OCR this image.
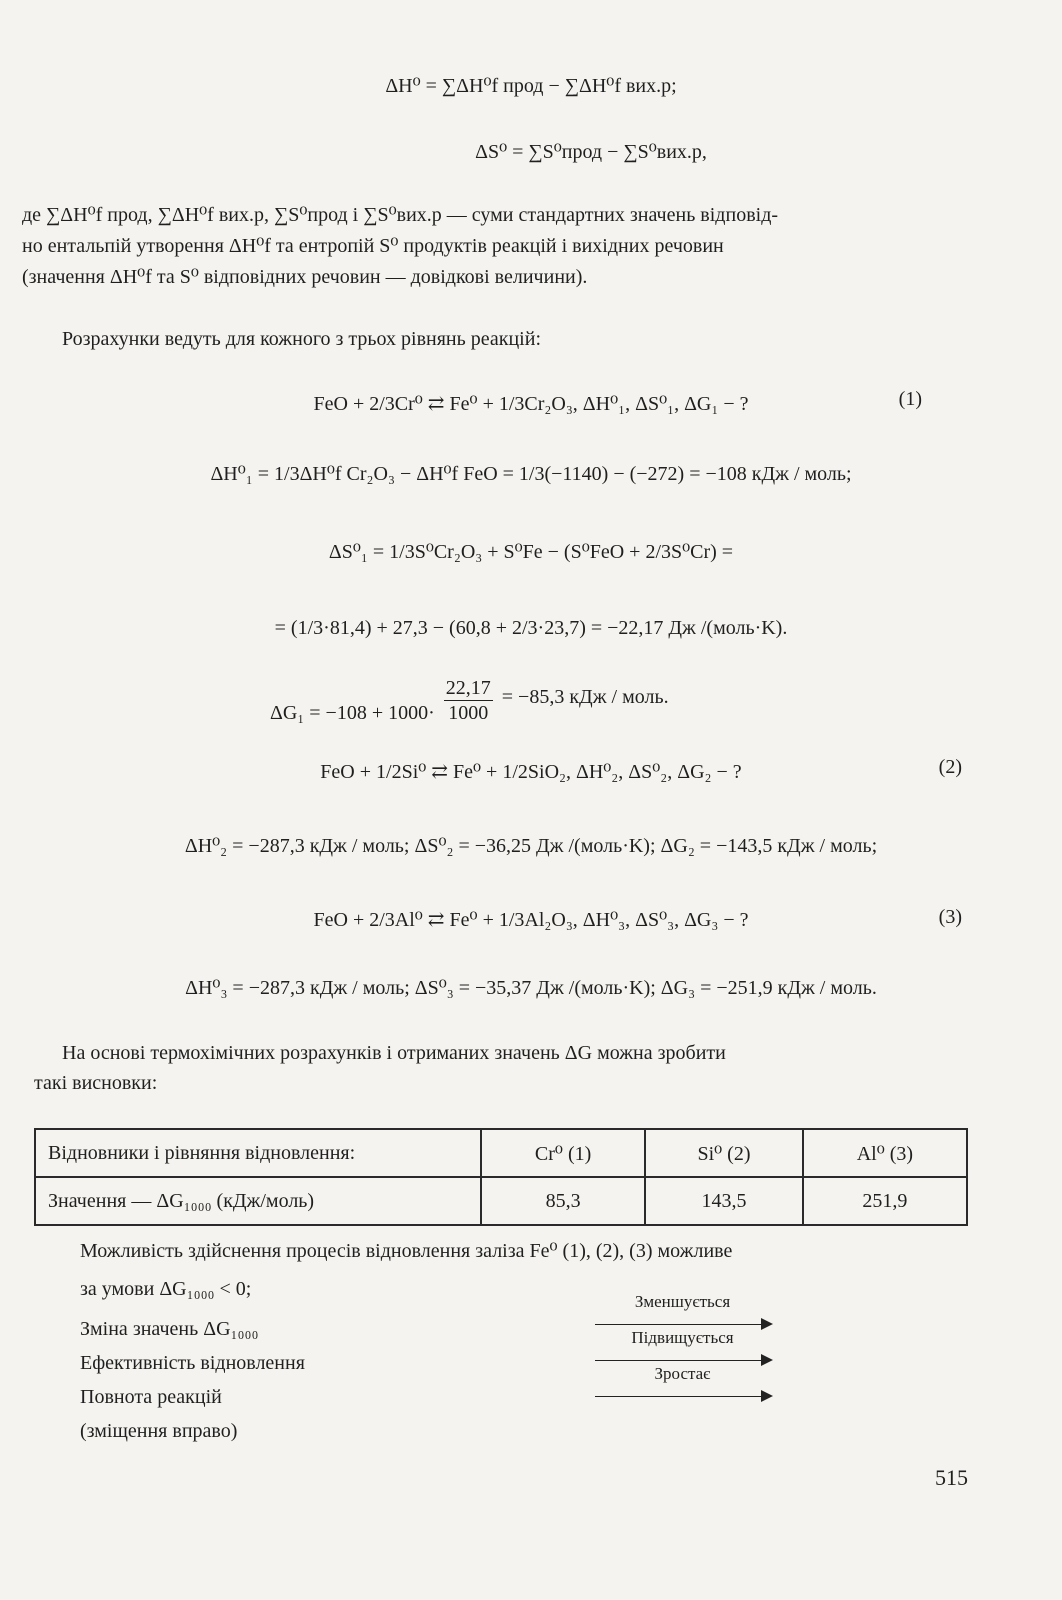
ΔH⁰ = ∑ΔH⁰f прод − ∑ΔH⁰f вих.р;
ΔS⁰ = ∑S⁰прод − ∑S⁰вих.р,
де ∑ΔH⁰f прод, ∑ΔH⁰f вих.р, ∑S⁰прод і ∑S⁰вих.р — суми стандартних значень відповід-
но ентальпій утворення ΔH⁰f та ентропій S⁰ продуктів реакцій і вихідних речовин
(значення ΔH⁰f та S⁰ відповідних речовин — довідкові величини).
Розрахунки ведуть для кожного з трьох рівнянь реакцій:
FeO + 2/3Cr⁰ ⇄ Fe⁰ + 1/3Cr₂O₃, ΔH⁰₁, ΔS⁰₁, ΔG₁ − ?	(1)
ΔH⁰₁ = 1/3ΔH⁰f Cr₂O₃ − ΔH⁰f FeO = 1/3(−1140) − (−272) = −108 кДж / моль;
ΔS⁰₁ = 1/3S⁰Cr₂O₃ + S⁰Fe − (S⁰FeO + 2/3S⁰Cr) =
= (1/3·81,4) + 27,3 − (60,8 + 2/3·23,7) = −22,17 Дж /(моль·K).
$\Delta G_1 = -108 + 1000\cdot \frac{22,17}{1000} = -85,3$ кДж / моль.
FeO + 1/2Si⁰ ⇄ Fe⁰ + 1/2SiO₂, ΔH⁰₂, ΔS⁰₂, ΔG₂ − ?	(2)
ΔH⁰₂ = −287,3 кДж / моль; ΔS⁰₂ = −36,25 Дж /(моль·K); ΔG₂ = −143,5 кДж / моль;
FeO + 2/3Al⁰ ⇄ Fe⁰ + 1/3Al₂O₃, ΔH⁰₃, ΔS⁰₃, ΔG₃ − ?	(3)
ΔH⁰₃ = −287,3 кДж / моль; ΔS⁰₃ = −35,37 Дж /(моль·K); ΔG₃ = −251,9 кДж / моль.
На основі термохімічних розрахунків і отриманих значень ΔG можна зробити
такі висновки:
Відновники і рівняння відновлення:	Cr⁰ (1)	Si⁰ (2)	Al⁰ (3)
Значення — ΔG₁₀₀₀ (кДж/моль)	85,3	143,5	251,9
Можливість здійснення процесів відновлення заліза Fe⁰ (1), (2), (3) можливе
за умови ΔG₁₀₀₀ < 0;
Зміна значень ΔG₁₀₀₀
Зменшується
Ефективність відновлення
Підвищується
Повнота реакцій
Зростає
(зміщення вправо)
515
